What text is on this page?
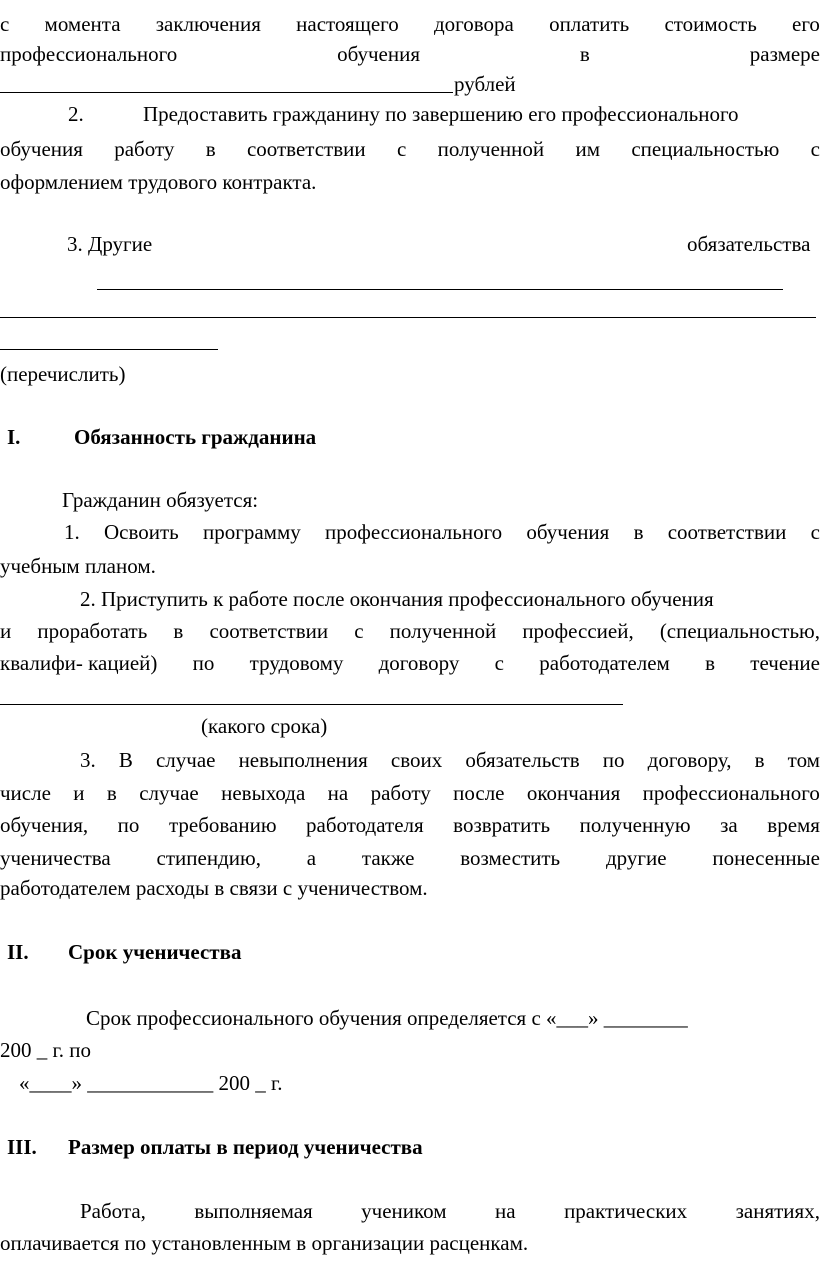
с момента заключения настоящего договора оплатить стоимость его
профессионального	обучения	в	размере
рублей
2.	Предоставить гражданину по завершению его профессионального
обучения работу в соответствии с полученной им специальностью с
оформлением трудового контракта.
3. Другие	обязательства
(перечислить)
I.	Обязанность гражданина
Гражданин обязуется:
1. Освоить программу профессионального обучения в соответствии с
учебным планом.
2. Приступить к работе после окончания профессионального обучения
и проработать в соответствии с полученной профессией, (специальностью,
квалифи- кацией) по трудовому договору с работодателем в течение
(какого срока)
3. В случае невыполнения своих обязательств по договору, в том
числе и в случае невыхода на работу после окончания профессионального
обучения, по требованию работодателя возвратить полученную за время
ученичества стипендию, а также возместить другие понесенные
работодателем расходы в связи с ученичеством.
II. Срок ученичества
Срок профессионального обучения определяется с «___» ________
200 _ г. по
«____» ____________ 200 _ г.
III. Размер оплаты в период ученичества
Работа, выполняемая учеником на практических занятиях,
оплачивается по установленным в организации расценкам.
